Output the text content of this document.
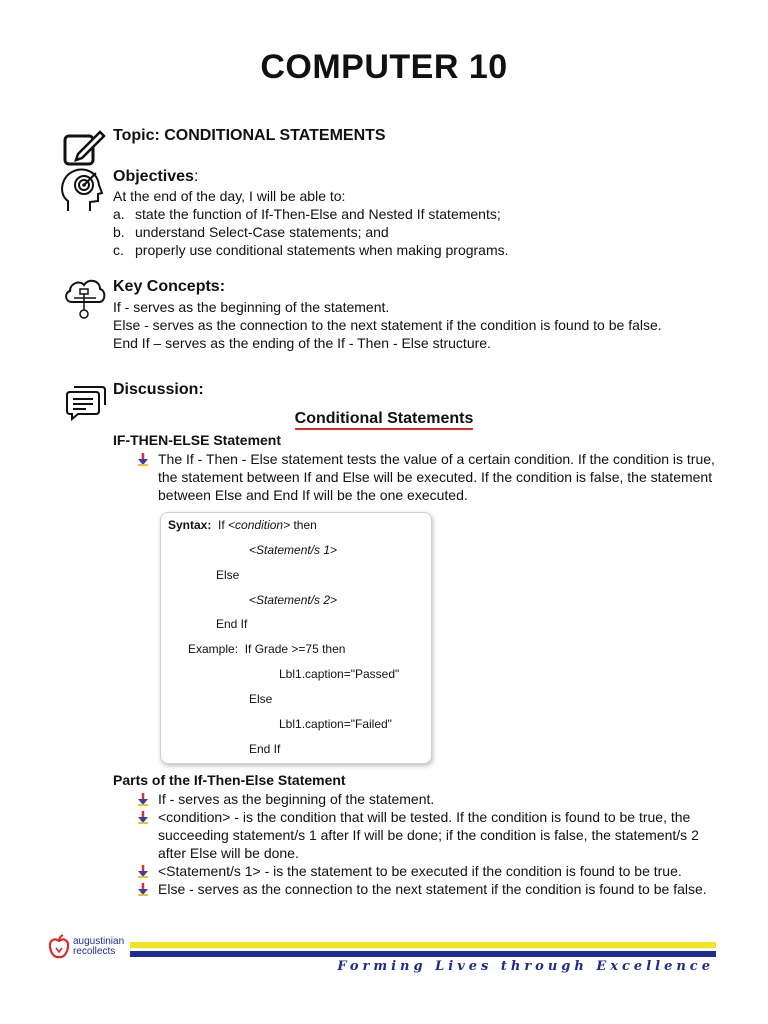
COMPUTER 10
Topic: CONDITIONAL STATEMENTS
Objectives:
At the end of the day, I will be able to:
a. state the function of If-Then-Else and Nested If statements;
b. understand Select-Case statements; and
c. properly use conditional statements when making programs.
Key Concepts:
If - serves as the beginning of the statement.
Else - serves as the connection to the next statement if the condition is found to be false.
End If – serves as the ending of the If - Then - Else structure.
Discussion:
Conditional Statements
IF-THEN-ELSE Statement
The If - Then - Else statement tests the value of a certain condition. If the condition is true, the statement between If and Else will be executed. If the condition is false, the statement between Else and End If will be the one executed.
Syntax: If <condition> then
<Statement/s 1>
Else
<Statement/s 2>
End If
Example: If Grade >=75 then
Lbl1.caption="Passed"
Else
Lbl1.caption="Failed"
End If
Parts of the If-Then-Else Statement
If - serves as the beginning of the statement.
<condition> - is the condition that will be tested. If the condition is found to be true, the succeeding statement/s 1 after If will be done; if the condition is false, the statement/s 2 after Else will be done.
<Statement/s 1> - is the statement to be executed if the condition is found to be true.
Else - serves as the connection to the next statement if the condition is found to be false.
augustinian
recollects
Forming Lives through Excellence
